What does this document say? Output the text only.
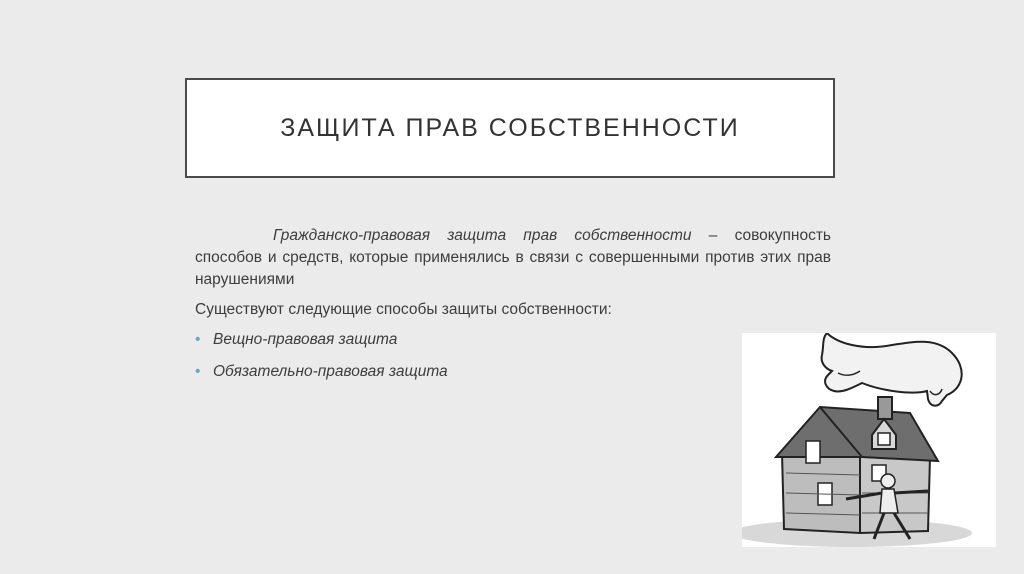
ЗАЩИТА ПРАВ СОБСТВЕННОСТИ

Гражданско-правовая защита прав собственности – совокупность способов и средств, которые применялись в связи с совершенными против этих прав нарушениями

Существуют следующие способы защиты собственности:

• Вещно-правовая защита
• Обязательно-правовая защита
